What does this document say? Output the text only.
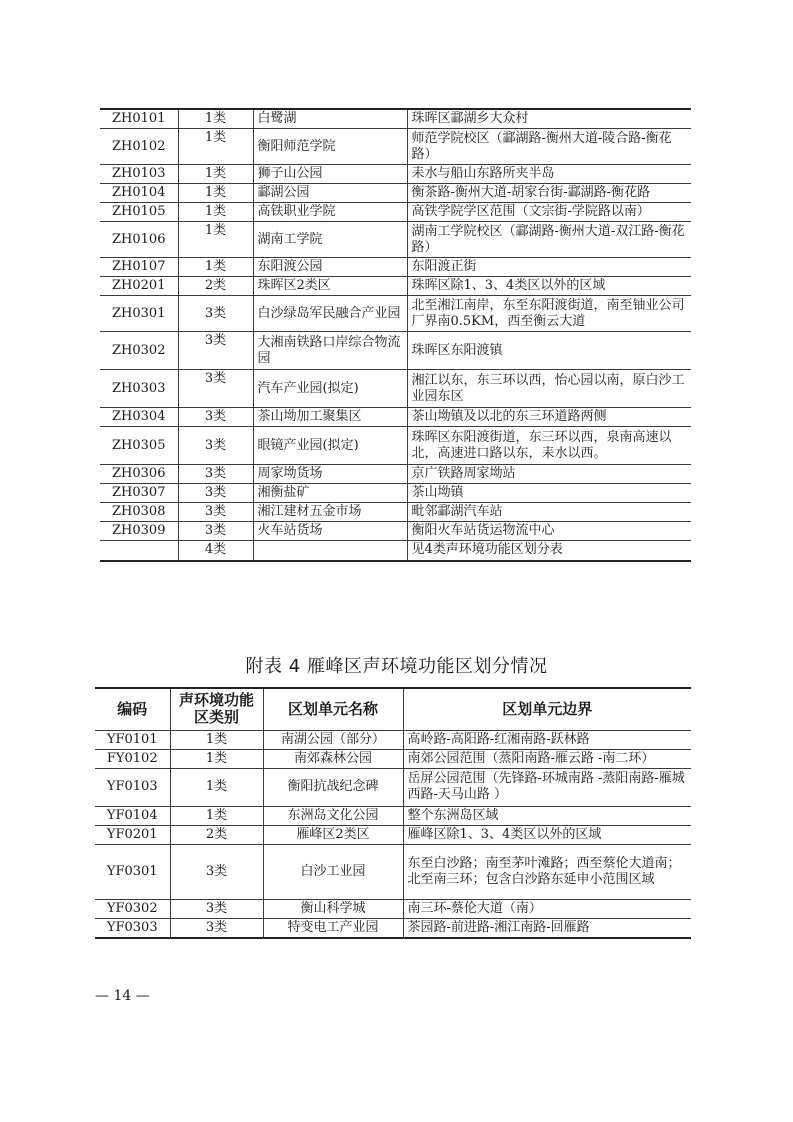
ZH0101	1类	白鹭湖	珠晖区酃湖乡大众村
ZH0102	1类	衡阳师范学院	师范学院校区（酃湖路-衡州大道-陵合路-衡花路）
ZH0103	1类	狮子山公园	耒水与船山东路所夹半岛
ZH0104	1类	酃湖公园	衡茶路-衡州大道-胡家台街-酃湖路-衡花路
ZH0105	1类	高铁职业学院	高铁学院学区范围（文宗街-学院路以南）
ZH0106	1类	湖南工学院	湖南工学院校区（酃湖路-衡州大道-双江路-衡花路）
ZH0107	1类	东阳渡公园	东阳渡正街
ZH0201	2类	珠晖区2类区	珠晖区除1、3、4类区以外的区域
ZH0301	3类	白沙绿岛军民融合产业园	北至湘江南岸，东至东阳渡街道，南至铀业公司厂界南0.5KM，西至衡云大道
ZH0302	3类	大湘南铁路口岸综合物流园	珠晖区东阳渡镇
ZH0303	3类	汽车产业园(拟定)	湘江以东，东三环以西，怡心园以南，原白沙工业园东区
ZH0304	3类	茶山坳加工聚集区	茶山坳镇及以北的东三环道路两侧
ZH0305	3类	眼镜产业园(拟定)	珠晖区东阳渡街道，东三环以西，泉南高速以北，高速进口路以东，耒水以西。
ZH0306	3类	周家坳货场	京广铁路周家坳站
ZH0307	3类	湘衡盐矿	茶山坳镇
ZH0308	3类	湘江建材五金市场	毗邻酃湖汽车站
ZH0309	3类	火车站货场	衡阳火车站货运物流中心
	4类		见4类声环境功能区划分表
附表 4 雁峰区声环境功能区划分情况
编码	声环境功能区类别	区划单元名称	区划单元边界
YF0101	1类	南湖公园（部分）	高岭路-高阳路-红湘南路-跃林路
FY0102	1类	南郊森林公园	南郊公园范围（蒸阳南路-雁云路 -南二环）
YF0103	1类	衡阳抗战纪念碑	岳屏公园范围（先锋路-环城南路 -蒸阳南路-雁城西路-天马山路 ）
YF0104	1类	东洲岛文化公园	整个东洲岛区域
YF0201	2类	雁峰区2类区	雁峰区除1、3、4类区以外的区域
YF0301	3类	白沙工业园	东至白沙路；南至茅叶滩路；西至蔡伦大道南；北至南三环；包含白沙路东延申小范围区域
YF0302	3类	衡山科学城	南三环-蔡伦大道（南）
YF0303	3类	特变电工产业园	茶园路-前进路-湘江南路-回雁路
— 14 —
